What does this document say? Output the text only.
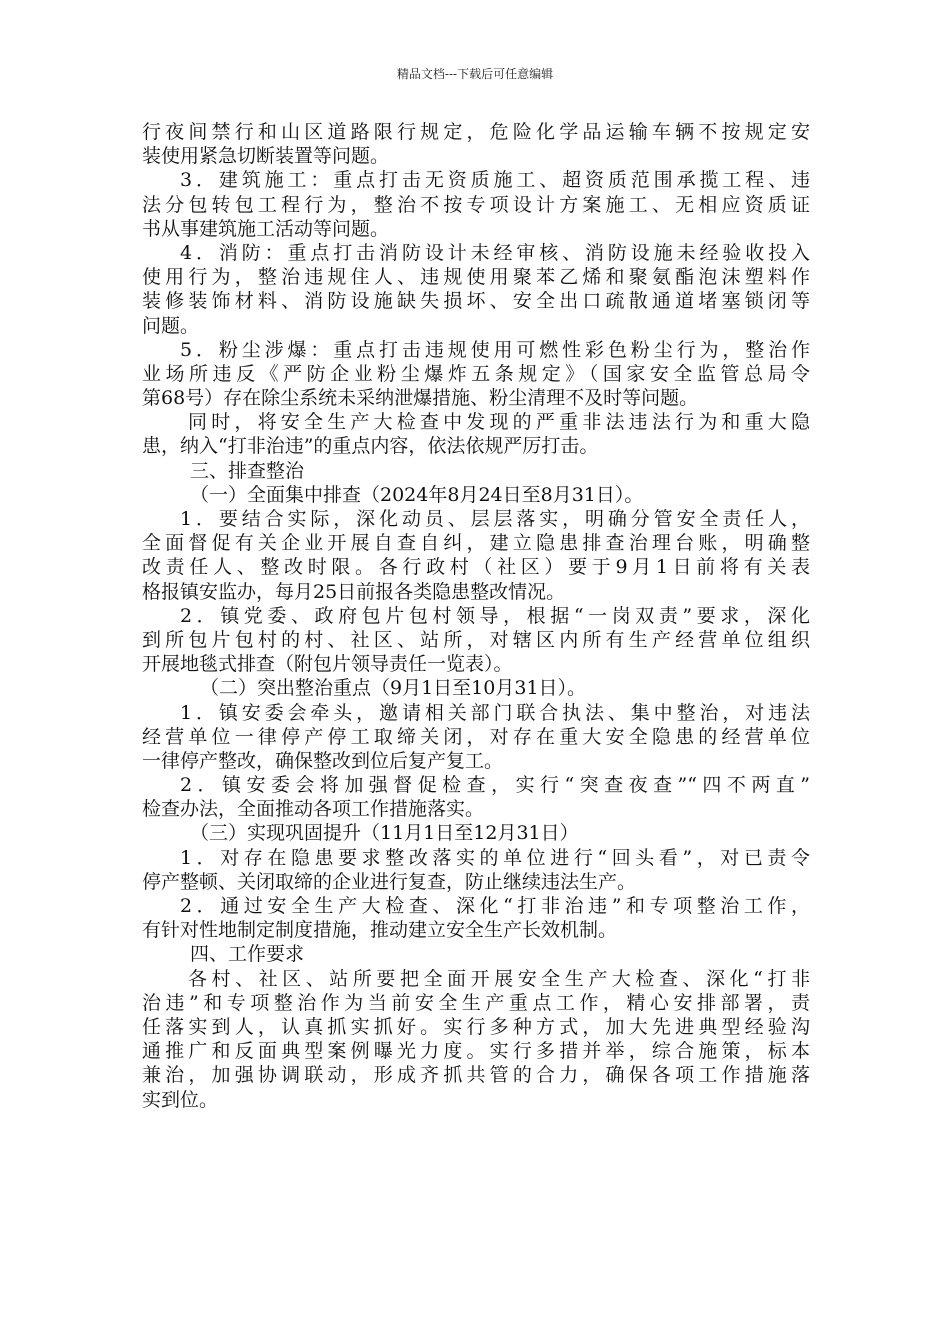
精品文档---下载后可任意编辑
行夜间禁行和山区道路限行规定，危险化学品运输车辆不按规定安
装使用紧急切断装置等问题。
3．建筑施工：重点打击无资质施工、超资质范围承揽工程、违
法分包转包工程行为，整治不按专项设计方案施工、无相应资质证
书从事建筑施工活动等问题。
4．消防：重点打击消防设计未经审核、消防设施未经验收投入
使用行为，整治违规住人、违规使用聚苯乙烯和聚氨酯泡沫塑料作
装修装饰材料、消防设施缺失损坏、安全出口疏散通道堵塞锁闭等
问题。
5．粉尘涉爆：重点打击违规使用可燃性彩色粉尘行为，整治作
业场所违反《严防企业粉尘爆炸五条规定》（国家安全监管总局令
第68号）存在除尘系统未采纳泄爆措施、粉尘清理不及时等问题。
同时，将安全生产大检查中发现的严重非法违法行为和重大隐
患，纳入“打非治违”的重点内容，依法依规严厉打击。
三、排查整治
（一）全面集中排查（2024年8月24日至8月31日）。
1．要结合实际，深化动员、层层落实，明确分管安全责任人，
全面督促有关企业开展自查自纠，建立隐患排查治理台账，明确整
改责任人、整改时限。各行政村（社区）要于9月1日前将有关表
格报镇安监办，每月25日前报各类隐患整改情况。
2．镇党委、政府包片包村领导，根据“一岗双责”要求，深化
到所包片包村的村、社区、站所，对辖区内所有生产经营单位组织
开展地毯式排查（附包片领导责任一览表）。
（二）突出整治重点（9月1日至10月31日）。
1．镇安委会牵头，邀请相关部门联合执法、集中整治，对违法
经营单位一律停产停工取缔关闭，对存在重大安全隐患的经营单位
一律停产整改，确保整改到位后复产复工。
2．镇安委会将加强督促检查，实行“突查夜查”“四不两直”
检查办法，全面推动各项工作措施落实。
（三）实现巩固提升（11月1日至12月31日）
1．对存在隐患要求整改落实的单位进行“回头看”，对已责令
停产整顿、关闭取缔的企业进行复查，防止继续违法生产。
2．通过安全生产大检查、深化“打非治违”和专项整治工作，
有针对性地制定制度措施，推动建立安全生产长效机制。
四、工作要求
各村、社区、站所要把全面开展安全生产大检查、深化“打非
治违”和专项整治作为当前安全生产重点工作，精心安排部署，责
任落实到人，认真抓实抓好。实行多种方式，加大先进典型经验沟
通推广和反面典型案例曝光力度。实行多措并举，综合施策，标本
兼治，加强协调联动，形成齐抓共管的合力，确保各项工作措施落
实到位。
